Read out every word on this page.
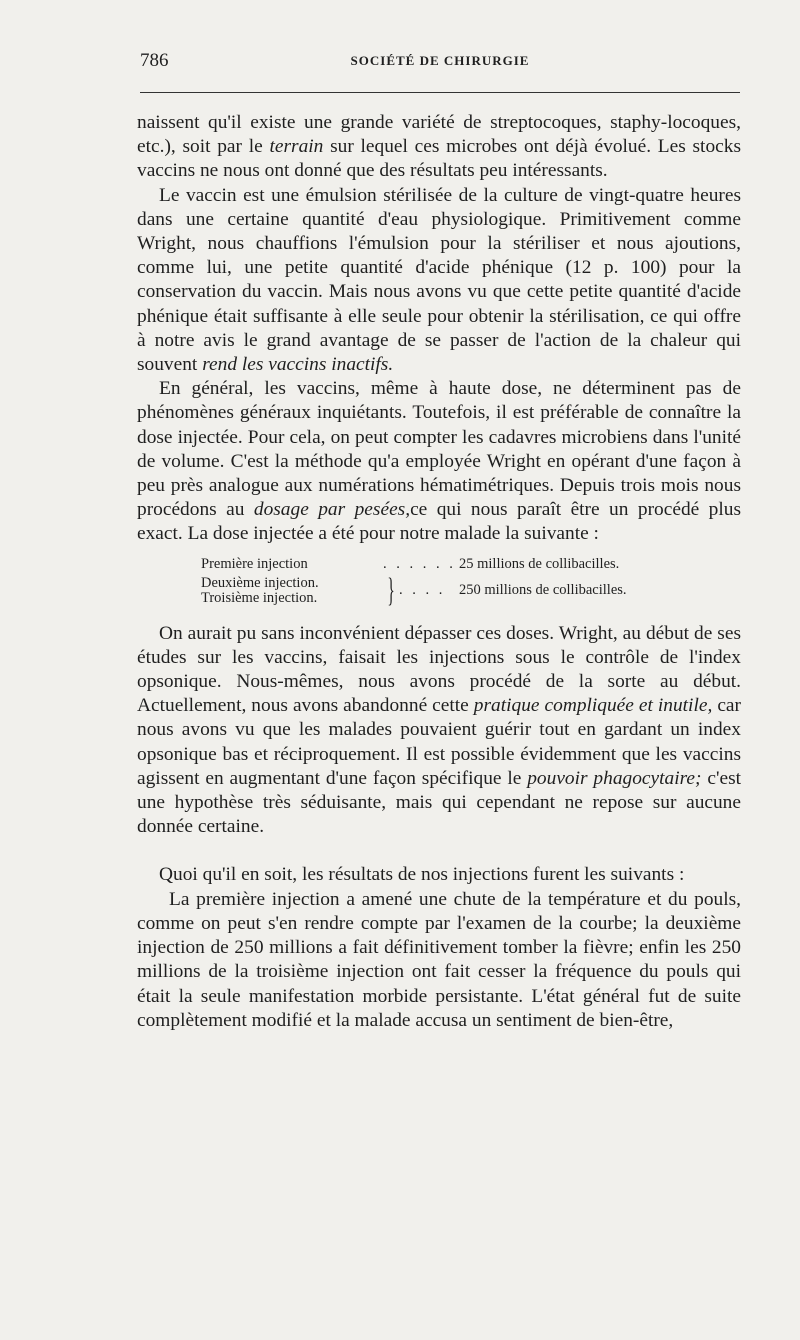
786	SOCIÉTÉ DE CHIRURGIE

naissent qu'il existe une grande variété de streptocoques, staphy-locoques, etc.), soit par le terrain sur lequel ces microbes ont déjà évolué. Les stocks vaccins ne nous ont donné que des résultats peu intéressants.

Le vaccin est une émulsion stérilisée de la culture de vingt-quatre heures dans une certaine quantité d'eau physiologique. Primitivement comme Wright, nous chauffions l'émulsion pour la stériliser et nous ajoutions, comme lui, une petite quantité d'acide phénique (12 p. 100) pour la conservation du vaccin. Mais nous avons vu que cette petite quantité d'acide phénique était suffisante à elle seule pour obtenir la stérilisation, ce qui offre à notre avis le grand avantage de se passer de l'action de la chaleur qui souvent rend les vaccins inactifs.

En général, les vaccins, même à haute dose, ne déterminent pas de phénomènes généraux inquiétants. Toutefois, il est préférable de connaître la dose injectée. Pour cela, on peut compter les cadavres microbiens dans l'unité de volume. C'est la méthode qu'a employée Wright en opérant d'une façon à peu près analogue aux numérations hématimétriques. Depuis trois mois nous procédons au dosage par pesées,ce qui nous paraît être un procédé plus exact. La dose injectée a été pour notre malade la suivante :

Première injection	. . . . . . 25 millions de collibacilles.
Deuxième injection.
Troisième injection.	} . . . . 250 millions de collibacilles.

On aurait pu sans inconvénient dépasser ces doses. Wright, au début de ses études sur les vaccins, faisait les injections sous le contrôle de l'index opsonique. Nous-mêmes, nous avons procédé de la sorte au début. Actuellement, nous avons abandonné cette pratique compliquée et inutile, car nous avons vu que les malades pouvaient guérir tout en gardant un index opsonique bas et réciproquement. Il est possible évidemment que les vaccins agissent en augmentant d'une façon spécifique le pouvoir phagocytaire; c'est une hypothèse très séduisante, mais qui cependant ne repose sur aucune donnée certaine.

Quoi qu'il en soit, les résultats de nos injections furent les suivants :

La première injection a amené une chute de la température et du pouls, comme on peut s'en rendre compte par l'examen de la courbe; la deuxième injection de 250 millions a fait définitivement tomber la fièvre; enfin les 250 millions de la troisième injection ont fait cesser la fréquence du pouls qui était la seule manifestation morbide persistante. L'état général fut de suite complètement modifié et la malade accusa un sentiment de bien-être,
